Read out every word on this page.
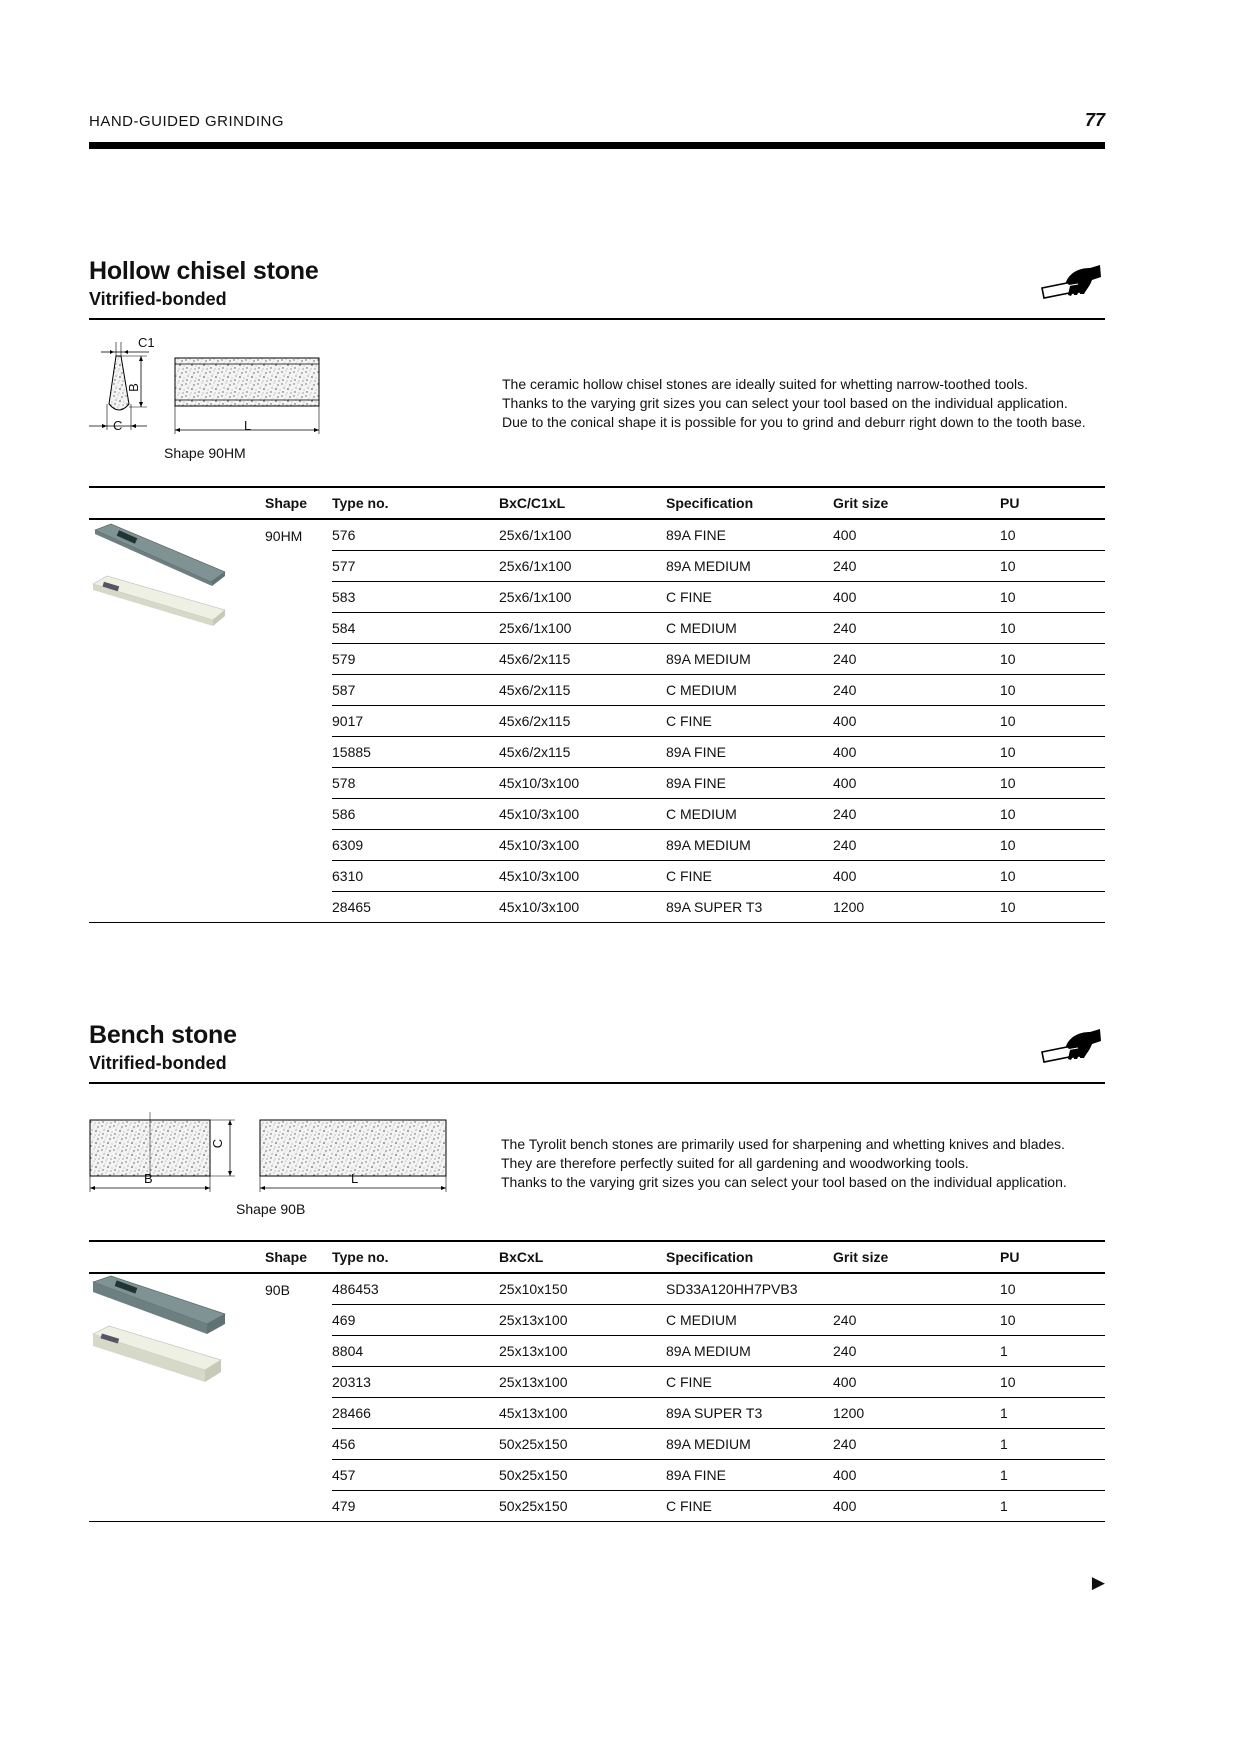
HAND-GUIDED GRINDING	77
Hollow chisel stone
Vitrified-bonded
C1
B
C	L
Shape 90HM
The ceramic hollow chisel stones are ideally suited for whetting narrow-toothed tools.
Thanks to the varying grit sizes you can select your tool based on the individual application.
Due to the conical shape it is possible for you to grind and deburr right down to the tooth base.
	Shape	Type no.	BxC/C1xL	Specification	Grit size	PU
	90HM	576	25x6/1x100	89A FINE	400	10
		577	25x6/1x100	89A MEDIUM	240	10
		583	25x6/1x100	C FINE	400	10
		584	25x6/1x100	C MEDIUM	240	10
		579	45x6/2x115	89A MEDIUM	240	10
		587	45x6/2x115	C MEDIUM	240	10
		9017	45x6/2x115	C FINE	400	10
		15885	45x6/2x115	89A FINE	400	10
		578	45x10/3x100	89A FINE	400	10
		586	45x10/3x100	C MEDIUM	240	10
		6309	45x10/3x100	89A MEDIUM	240	10
		6310	45x10/3x100	C FINE	400	10
		28465	45x10/3x100	89A SUPER T3	1200	10
Bench stone
Vitrified-bonded
C
B	L
Shape 90B
The Tyrolit bench stones are primarily used for sharpening and whetting knives and blades.
They are therefore perfectly suited for all gardening and woodworking tools.
Thanks to the varying grit sizes you can select your tool based on the individual application.
	Shape	Type no.	BxCxL	Specification	Grit size	PU
	90B	486453	25x10x150	SD33A120HH7PVB3		10
		469	25x13x100	C MEDIUM	240	10
		8804	25x13x100	89A MEDIUM	240	1
		20313	25x13x100	C FINE	400	10
		28466	45x13x100	89A SUPER T3	1200	1
		456	50x25x150	89A MEDIUM	240	1
		457	50x25x150	89A FINE	400	1
		479	50x25x150	C FINE	400	1
▶
